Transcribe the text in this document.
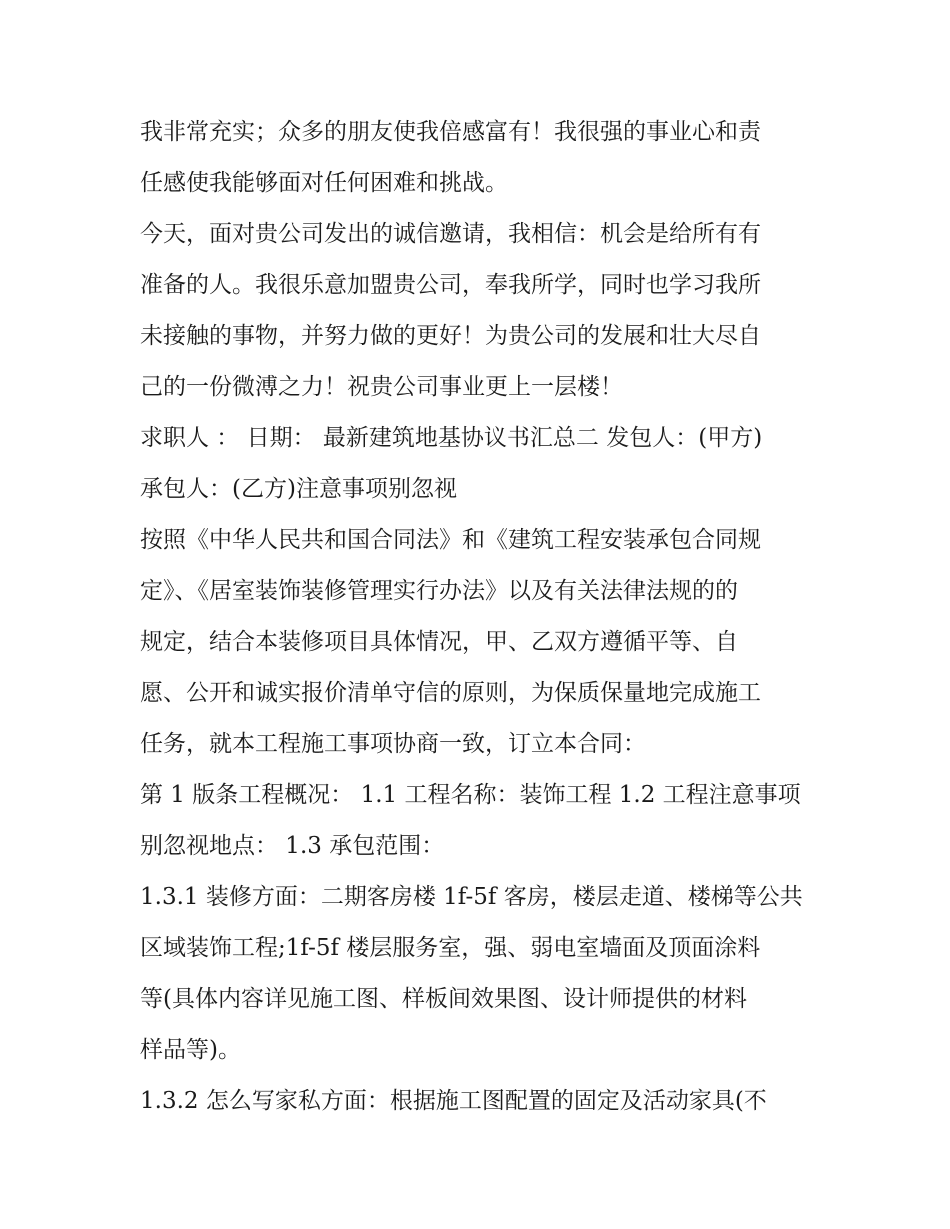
我非常充实；众多的朋友使我倍感富有！我很强的事业心和责
任感使我能够面对任何困难和挑战。
今天，面对贵公司发出的诚信邀请，我相信：机会是给所有有
准备的人。我很乐意加盟贵公司，奉我所学，同时也学习我所
未接触的事物，并努力做的更好！为贵公司的发展和壮大尽自
己的一份微溥之力！祝贵公司事业更上一层楼！
求职人 ： 日期： 最新建筑地基协议书汇总二 发包人：(甲方)
承包人：(乙方)注意事项别忽视
按照《中华人民共和国合同法》和《建筑工程安装承包合同规
定》、《居室装饰装修管理实行办法》以及有关法律法规的的
规定，结合本装修项目具体情况，甲、乙双方遵循平等、自
愿、公开和诚实报价清单守信的原则，为保质保量地完成施工
任务，就本工程施工事项协商一致，订立本合同：
第 1 版条工程概况： 1.1 工程名称：装饰工程 1.2 工程注意事项
别忽视地点： 1.3 承包范围：
1.3.1 装修方面：二期客房楼 1f-5f 客房，楼层走道、楼梯等公共
区域装饰工程;1f-5f 楼层服务室，强、弱电室墙面及顶面涂料
等(具体内容详见施工图、样板间效果图、设计师提供的材料
样品等)。
1.3.2 怎么写家私方面：根据施工图配置的固定及活动家具(不
